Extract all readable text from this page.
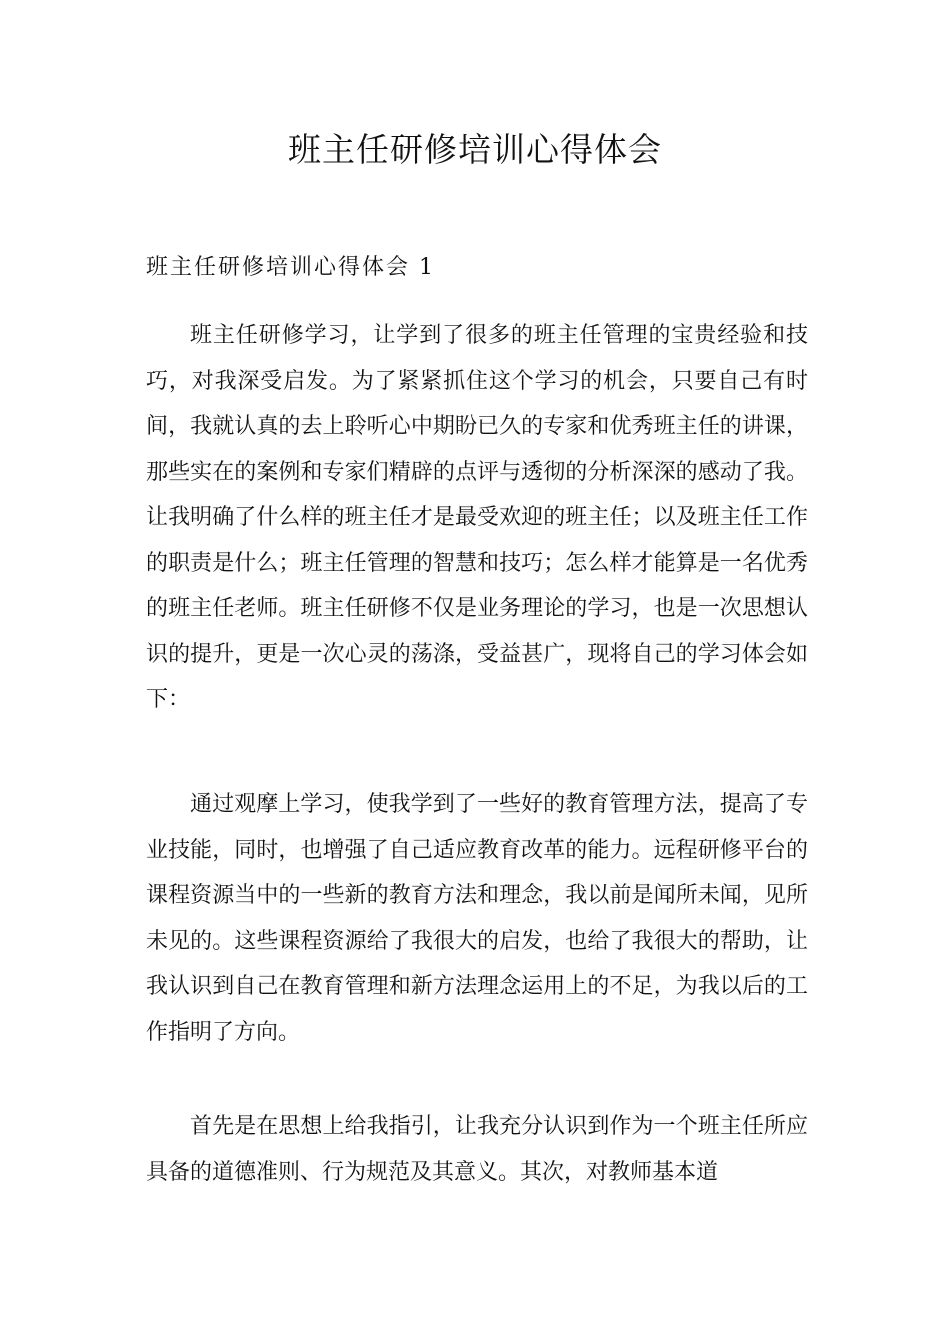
班主任研修培训心得体会
班主任研修培训心得体会 1

班主任研修学习，让学到了很多的班主任管理的宝贵经验和技巧，对我深受启发。为了紧紧抓住这个学习的机会，只要自己有时间，我就认真的去上聆听心中期盼已久的专家和优秀班主任的讲课，那些实在的案例和专家们精辟的点评与透彻的分析深深的感动了我。让我明确了什么样的班主任才是最受欢迎的班主任；以及班主任工作的职责是什么；班主任管理的智慧和技巧；怎么样才能算是一名优秀的班主任老师。班主任研修不仅是业务理论的学习，也是一次思想认识的提升，更是一次心灵的荡涤，受益甚广，现将自己的学习体会如下：

通过观摩上学习，使我学到了一些好的教育管理方法，提高了专业技能，同时，也增强了自己适应教育改革的能力。远程研修平台的课程资源当中的一些新的教育方法和理念，我以前是闻所未闻，见所未见的。这些课程资源给了我很大的启发，也给了我很大的帮助，让我认识到自己在教育管理和新方法理念运用上的不足，为我以后的工作指明了方向。

首先是在思想上给我指引，让我充分认识到作为一个班主任所应具备的道德准则、行为规范及其意义。其次，对教师基本道
